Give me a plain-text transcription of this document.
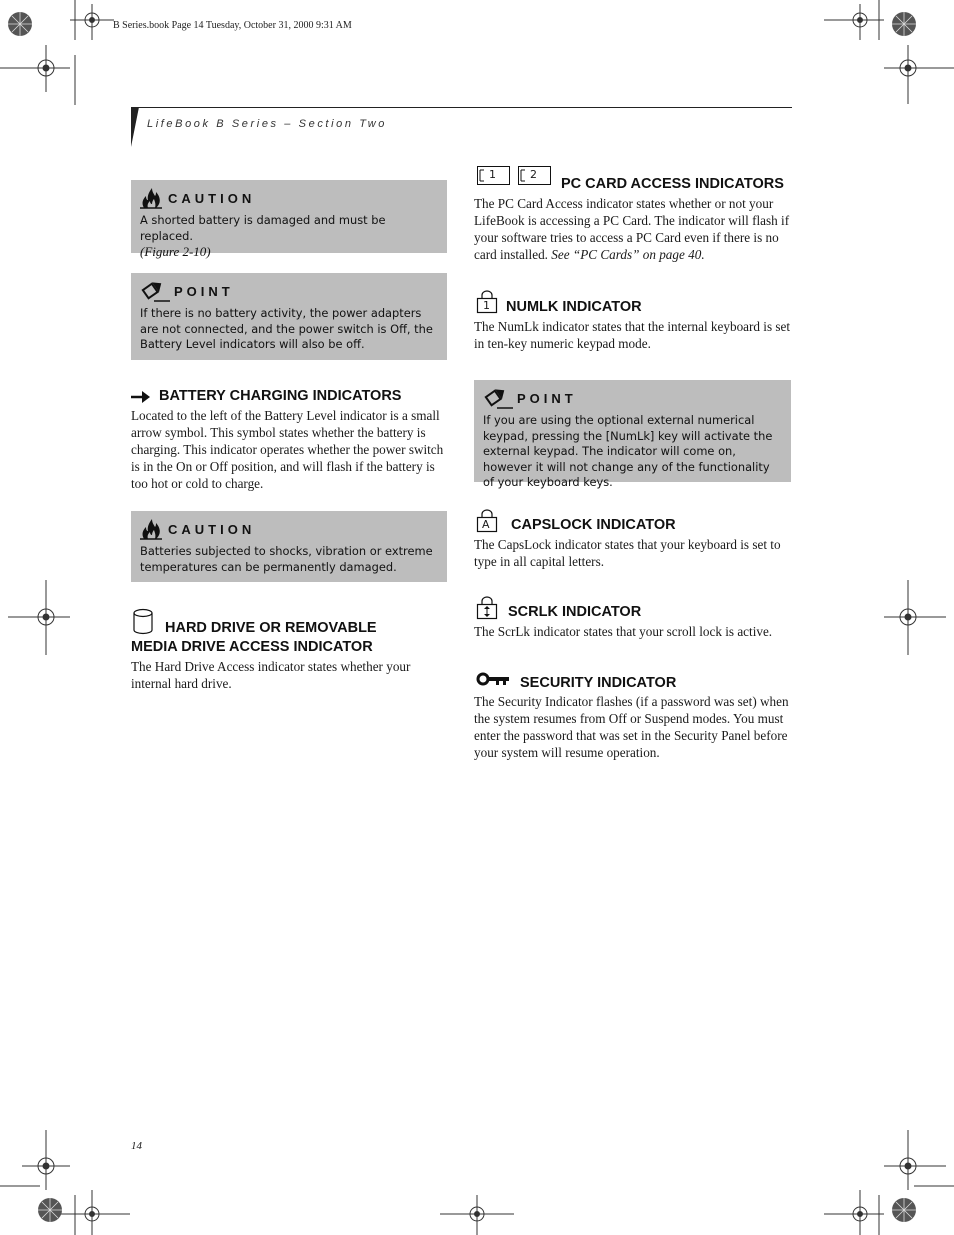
B Series.book Page 14 Tuesday, October 31, 2000 9:31 AM
LifeBook B Series – Section Two
CAUTION
A shorted battery is damaged and must be replaced.
(Figure 2-10)
POINT
If there is no battery activity, the power adapters are not connected, and the power switch is Off, the Battery Level indicators will also be off.
BATTERY CHARGING INDICATORS
Located to the left of the Battery Level indicator is a small arrow symbol. This symbol states whether the battery is charging. This indicator operates whether the power switch is in the On or Off position, and will flash if the battery is too hot or cold to charge.
CAUTION
Batteries subjected to shocks, vibration or extreme temperatures can be permanently damaged.
HARD DRIVE OR REMOVABLE
MEDIA DRIVE ACCESS INDICATOR
The Hard Drive Access indicator states whether your internal hard drive.
1	2
PC CARD ACCESS INDICATORS
The PC Card Access indicator states whether or not your LifeBook is accessing a PC Card. The indicator will flash if your software tries to access a PC Card even if there is no card installed. See “PC Cards” on page 40.
1 NUMLK INDICATOR
The NumLk indicator states that the internal keyboard is set in ten-key numeric keypad mode.
POINT
If you are using the optional external numerical keypad, pressing the [NumLk] key will activate the external keypad. The indicator will come on, however it will not change any of the functionality of your keyboard keys.
A CAPSLOCK INDICATOR
The CapsLock indicator states that your keyboard is set to type in all capital letters.
SCRLK INDICATOR
The ScrLk indicator states that your scroll lock is active.
SECURITY INDICATOR
The Security Indicator flashes (if a password was set) when the system resumes from Off or Suspend modes. You must enter the password that was set in the Security Panel before your system will resume operation.
14
